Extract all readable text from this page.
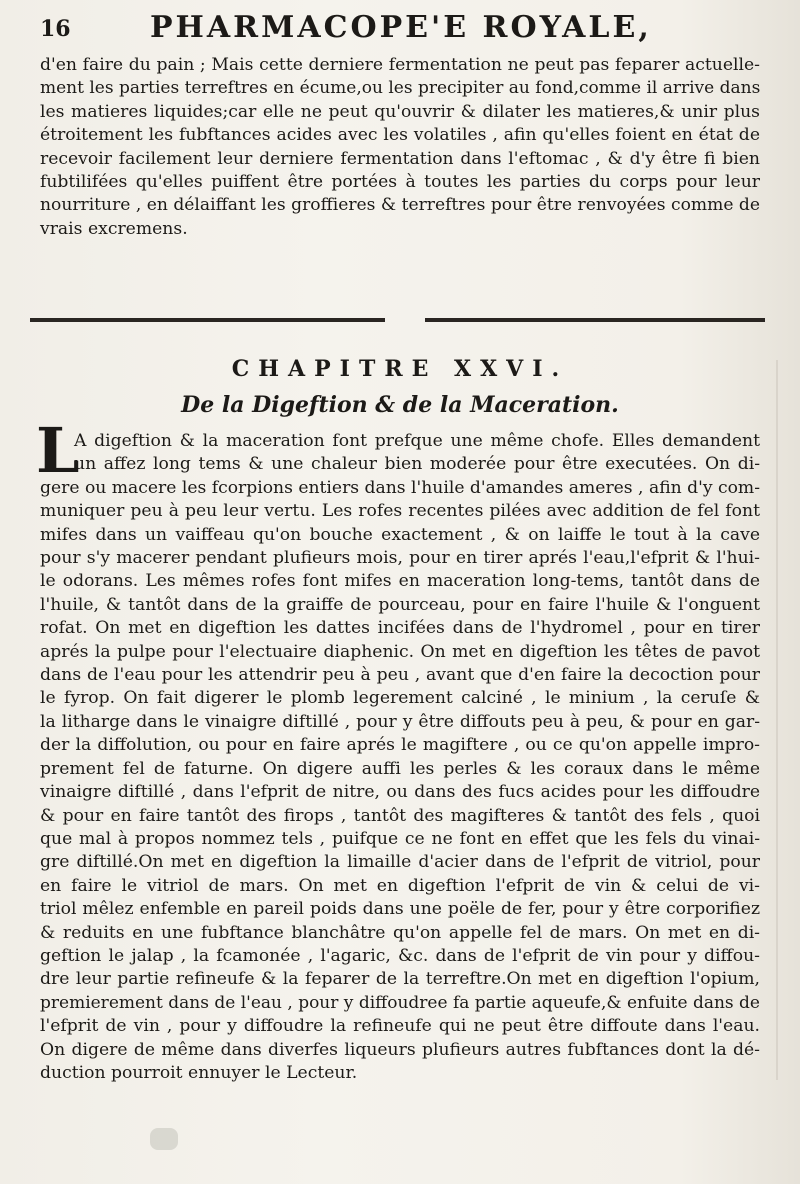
16	PHARMACOPE'E ROYALE,
d'en faire du pain ; Mais cette derniere fermentation ne peut pas feparer actuelle-
ment les parties terreftres en écume,ou les precipiter au fond,comme il arrive dans
les matieres liquides;car elle ne peut qu'ouvrir & dilater les matieres,& unir plus
étroitement les fubftances acides avec les volatiles , afin qu'elles foient en état de
recevoir facilement leur derniere fermentation dans l'eftomac , & d'y être fi bien
fubtilifées qu'elles puiffent être portées à toutes les parties du corps pour leur
nourriture , en délaiffant les groffieres & terreftres pour être renvoyées comme de
vrais excremens.
CHAPITRE XXVI.
De la Digeftion & de la Maceration.
L
A digeftion & la maceration font prefque une même chofe. Elles demandent
un affez long tems & une chaleur bien moderée pour être executées. On di-
gere ou macere les fcorpions entiers dans l'huile d'amandes ameres , afin d'y com-
muniquer peu à peu leur vertu. Les rofes recentes pilées avec addition de fel font
mifes dans un vaiffeau qu'on bouche exactement , & on laiffe le tout à la cave
pour s'y macerer pendant plufieurs mois, pour en tirer aprés l'eau,l'efprit & l'hui-
le odorans. Les mêmes rofes font mifes en maceration long-tems, tantôt dans de
l'huile, & tantôt dans de la graiffe de pourceau, pour en faire l'huile & l'onguent
rofat. On met en digeftion les dattes incifées dans de l'hydromel , pour en tirer
aprés la pulpe pour l'electuaire diaphenic. On met en digeftion les têtes de pavot
dans de l'eau pour les attendrir peu à peu , avant que d'en faire la decoction pour
le fyrop. On fait digerer le plomb legerement calciné , le minium , la ceruſe &
la litharge dans le vinaigre diftillé , pour y être diffouts peu à peu, & pour en gar-
der la diffolution, ou pour en faire aprés le magiftere , ou ce qu'on appelle impro-
prement fel de faturne. On digere auffi les perles & les coraux dans le même
vinaigre diftillé , dans l'efprit de nitre, ou dans des fucs acides pour les diffoudre
& pour en faire tantôt des firops , tantôt des magifteres & tantôt des fels , quoi
que mal à propos nommez tels , puifque ce ne font en effet que les fels du vinai-
gre diftillé.On met en digeftion la limaille d'acier dans de l'efprit de vitriol, pour
en faire le vitriol de mars. On met en digeftion l'efprit de vin & celui de vi-
triol mêlez enfemble en pareil poids dans une poële de fer, pour y être corporifiez
& reduits en une fubftance blanchâtre qu'on appelle fel de mars. On met en di-
geftion le jalap , la fcamonée , l'agaric, &c. dans de l'efprit de vin pour y diffou-
dre leur partie refineufe & la feparer de la terreftre.On met en digeftion l'opium,
premierement dans de l'eau , pour y diffoudree fa partie aqueufe,& enfuite dans de
l'efprit de vin , pour y diffoudre la refineufe qui ne peut être diffoute dans l'eau.
On digere de même dans diverfes liqueurs plufieurs autres fubftances dont la dé-
duction pourroit ennuyer le Lecteur.
